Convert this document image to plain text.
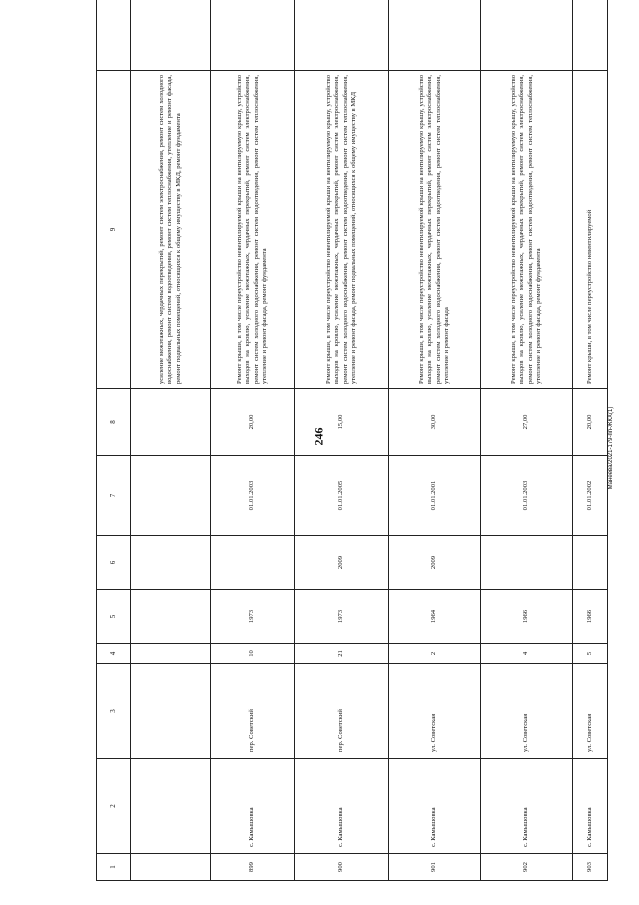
246	Манеева/2021-179-пп-ЖКХ(1)
1	2	3	4	5	6	7	8	9	
								усиление межэтажных, чердачных перекрытий, ремонт систем электроснабжения, ремонт систем холодного водоснабжения, ремонт систем водоотведения, ремонт систем теплоснабжения, утепление и ремонт фасада, ремонт подвальных помещений, относящихся к общему имуществу в МКД, ремонт фундамента	
899	с. Камышовка	пер. Советский	10	1973		01.01.2003	20,00	Ремонт крыши, в том числе переустройство невентилируемой крыши на вентилируемую крышу, устройство выходов на кровлю, усиление межэтажных, чердачных перекрытий, ремонт систем электроснабжения, ремонт систем холодного водоснабжения, ремонт систем водоотведения, ремонт систем теплоснабжения, утепление и ремонт фасада, ремонт фундамента	
900	с. Камышовка	пер. Советский	21	1973	2009	01.01.2005	15,00	Ремонт крыши, в том числе переустройство невентилируемой крыши на вентилируемую крышу, устройство выходов на кровлю, усиление межэтажных, чердачных перекрытий, ремонт систем электроснабжения, ремонт систем холодного водоснабжения, ремонт систем водоотведения, ремонт систем теплоснабжения, утепление и ремонт фасада, ремонт подвальных помещений, относящихся к общему имуществу в МКД	
901	с. Камышовка	ул. Советская	2	1964	2009	01.01.2001	30,00	Ремонт крыши, в том числе переустройство невентилируемой крыши на вентилируемую крышу, устройство выходов на кровлю, усиление межэтажных, чердачных перекрытий, ремонт систем электроснабжения, ремонт систем холодного водоснабжения, ремонт систем водоотведения, ремонт систем теплоснабжения, утепление и ремонт фасада	
902	с. Камышовка	ул. Советская	4	1966		01.01.2003	27,00	Ремонт крыши, в том числе переустройство невентилируемой крыши на вентилируемую крышу, устройство выходов на кровлю, усиление межэтажных, чердачных перекрытий, ремонт систем электроснабжения, ремонт систем холодного водоснабжения, ремонт систем водоотведения, ремонт систем теплоснабжения, утепление и ремонт фасада, ремонт фундамента	
903	с. Камышовка	ул. Советская	5	1966		01.01.2002	20,00	Ремонт крыши, в том числе переустройство невентилируемой	
